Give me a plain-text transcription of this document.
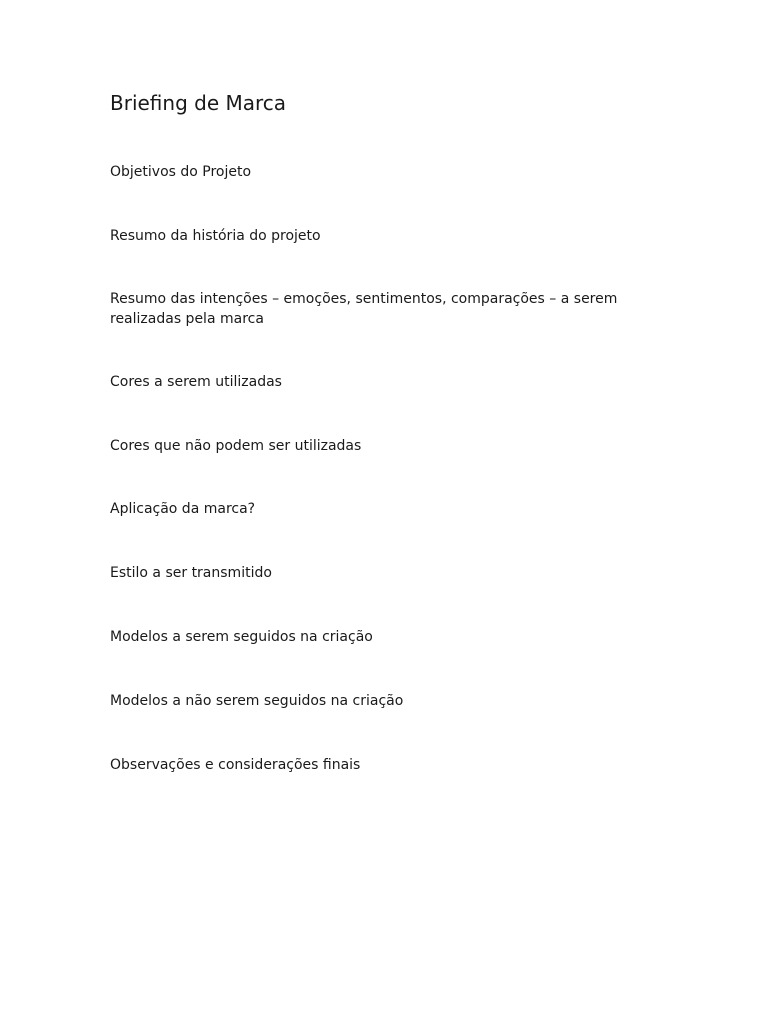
Briefing de Marca
Objetivos do Projeto
Resumo da história do projeto
Resumo das intenções – emoções, sentimentos, comparações – a serem realizadas pela marca
Cores a serem utilizadas
Cores que não podem ser utilizadas
Aplicação da marca?
Estilo a ser transmitido
Modelos a serem seguidos na criação
Modelos a não serem seguidos na criação
Observações e considerações finais
